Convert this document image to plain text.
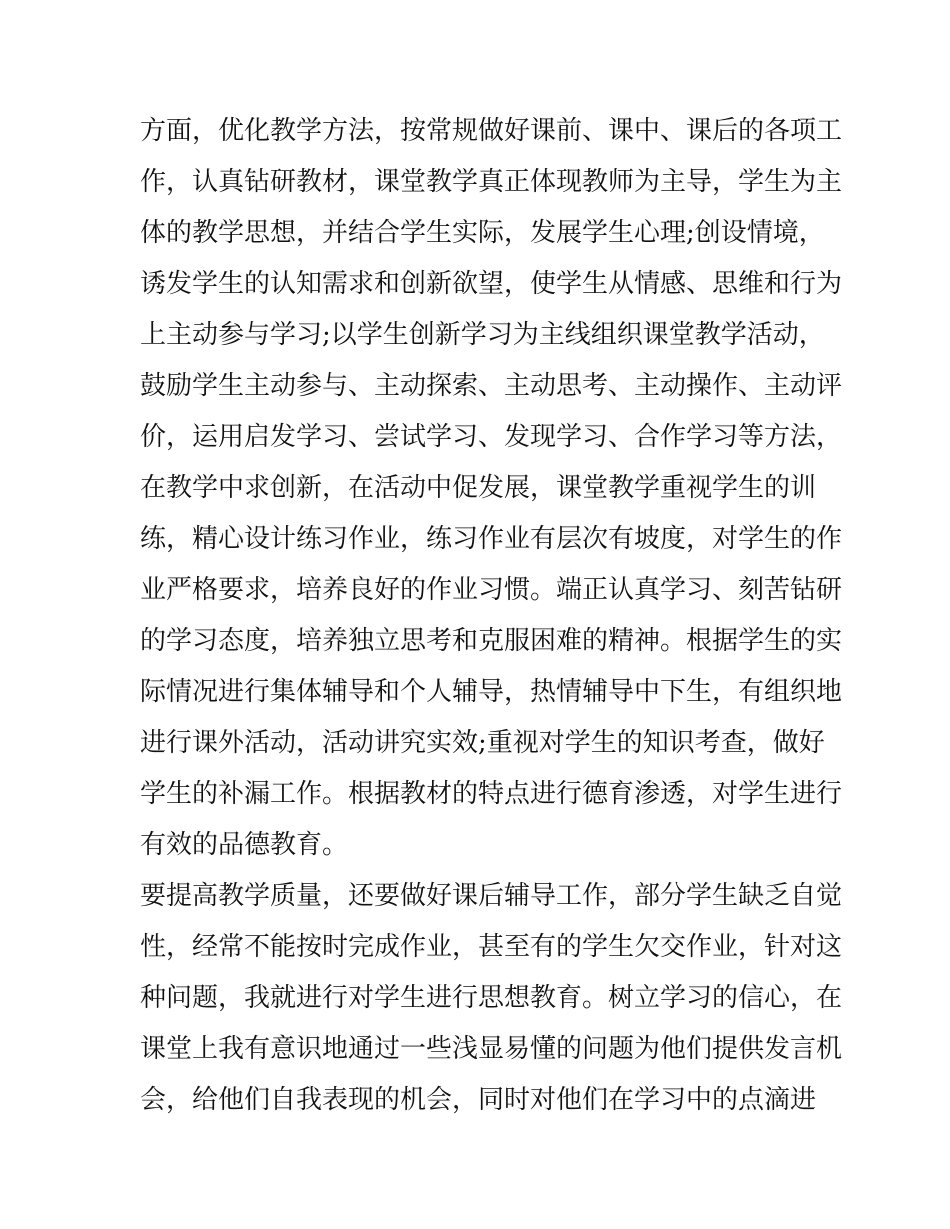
方面，优化教学方法，按常规做好课前、课中、课后的各项工
作，认真钻研教材，课堂教学真正体现教师为主导，学生为主
体的教学思想，并结合学生实际，发展学生心理;创设情境，
诱发学生的认知需求和创新欲望，使学生从情感、思维和行为
上主动参与学习;以学生创新学习为主线组织课堂教学活动，
鼓励学生主动参与、主动探索、主动思考、主动操作、主动评
价，运用启发学习、尝试学习、发现学习、合作学习等方法，
在教学中求创新，在活动中促发展，课堂教学重视学生的训
练，精心设计练习作业，练习作业有层次有坡度，对学生的作
业严格要求，培养良好的作业习惯。端正认真学习、刻苦钻研
的学习态度，培养独立思考和克服困难的精神。根据学生的实
际情况进行集体辅导和个人辅导，热情辅导中下生，有组织地
进行课外活动，活动讲究实效;重视对学生的知识考查，做好
学生的补漏工作。根据教材的特点进行德育渗透，对学生进行
有效的品德教育。
要提高教学质量，还要做好课后辅导工作，部分学生缺乏自觉
性，经常不能按时完成作业，甚至有的学生欠交作业，针对这
种问题，我就进行对学生进行思想教育。树立学习的信心，在
课堂上我有意识地通过一些浅显易懂的问题为他们提供发言机
会，给他们自我表现的机会，同时对他们在学习中的点滴进
